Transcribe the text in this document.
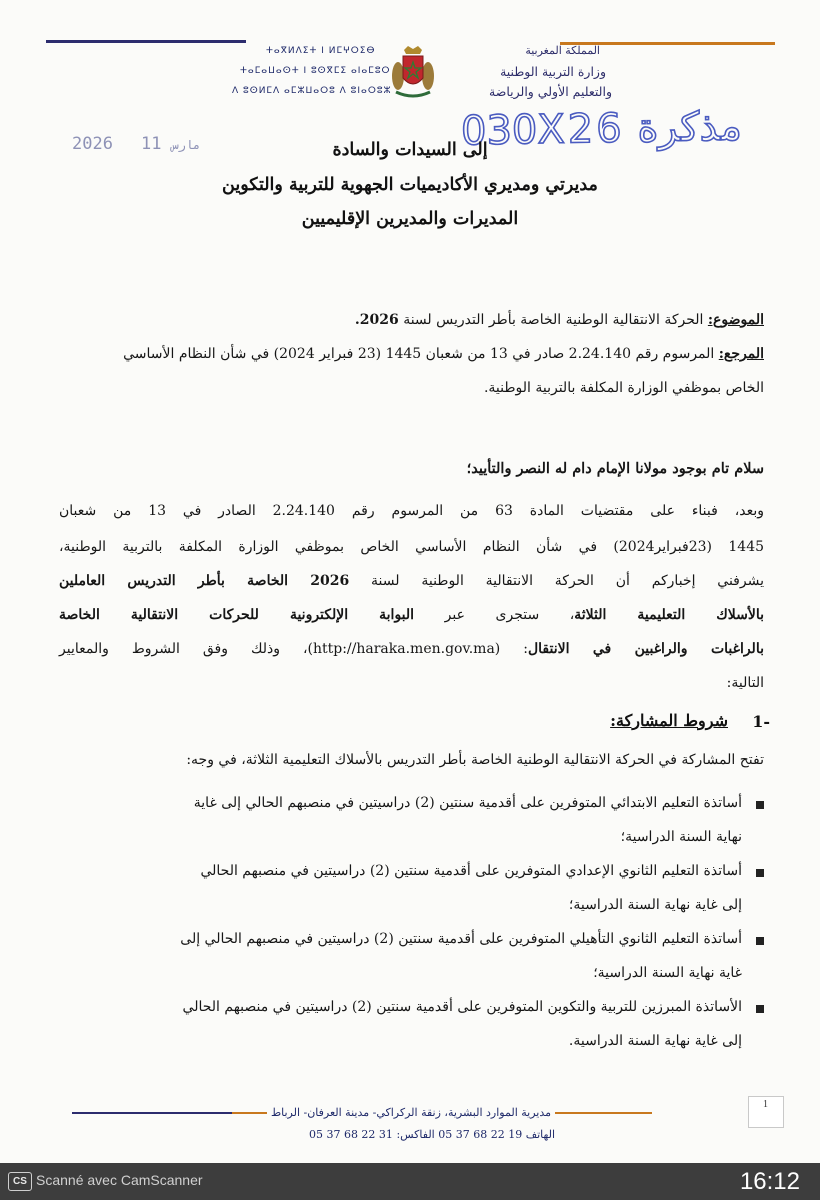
ⵜⴰⴳⵍⴷⵉⵜ ⵏ ⵍⵎⵖⵔⵉⴱ
ⵜⴰⵎⴰⵡⴰⵙⵜ ⵏ ⵓⵙⴳⵎⵉ ⴰⵏⴰⵎⵓⵔ
ⴷ ⵓⵙⵍⵎⴷ ⴰⵎⵣⵡⴰⵔⵓ ⴷ ⵓⵏⴰⵔⵓⵣ
المملكة المغربية
وزارة التربية الوطنية
والتعليم الأولي والرياضة
مذكرة 030X26
2026	مارس11	إلى السيدات والسادة
مديرتي ومديري الأكاديميات الجهوية للتربية والتكوين
المديرات والمديرين الإقليميين
الموضوع: الحركة الانتقالية الوطنية الخاصة بأطر التدريس لسنة 2026.
المرجع: المرسوم رقم 2.24.140 صادر في 13 من شعبان 1445 (23 فبراير 2024) في شأن النظام الأساسي
الخاص بموظفي الوزارة المكلفة بالتربية الوطنية.
سلام تام بوجود مولانا الإمام دام له النصر والتأييد؛
وبعد، فبناء على مقتضيات المادة 63 من المرسوم رقم 2.24.140 الصادر في 13 من شعبان
1445 (23فبراير2024) في شأن النظام الأساسي الخاص بموظفي الوزارة المكلفة بالتربية الوطنية،
يشرفني إخباركم أن الحركة الانتقالية الوطنية لسنة 2026 الخاصة بأطر التدريس العاملين
بالأسلاك التعليمية الثلاثة، ستجرى عبر البوابة الإلكترونية للحركات الانتقالية الخاصة
بالراغبات والراغبين في الانتقال: (http://haraka.men.gov.ma)، وذلك وفق الشروط والمعايير
التالية:
1-
شروط المشاركة:
تفتح المشاركة في الحركة الانتقالية الوطنية الخاصة بأطر التدريس بالأسلاك التعليمية الثلاثة، في وجه:
أساتذة التعليم الابتدائي المتوفرين على أقدمية سنتين (2) دراسيتين في منصبهم الحالي إلى غاية
نهاية السنة الدراسية؛
أساتذة التعليم الثانوي الإعدادي المتوفرين على أقدمية سنتين (2) دراسيتين في منصبهم الحالي
إلى غاية نهاية السنة الدراسية؛
أساتذة التعليم الثانوي التأهيلي المتوفرين على أقدمية سنتين (2) دراسيتين في منصبهم الحالي إلى
غاية نهاية السنة الدراسية؛
الأساتذة المبرزين للتربية والتكوين المتوفرين على أقدمية سنتين (2) دراسيتين في منصبهم الحالي
إلى غاية نهاية السنة الدراسية.
مديرية الموارد البشرية، زنقة الركراكي- مدينة العرفان- الرباط
الهاتف 05 37 68 22 19 الفاكس: 05 37 68 22 31
1
CS Scanné avec CamScanner	16:12
